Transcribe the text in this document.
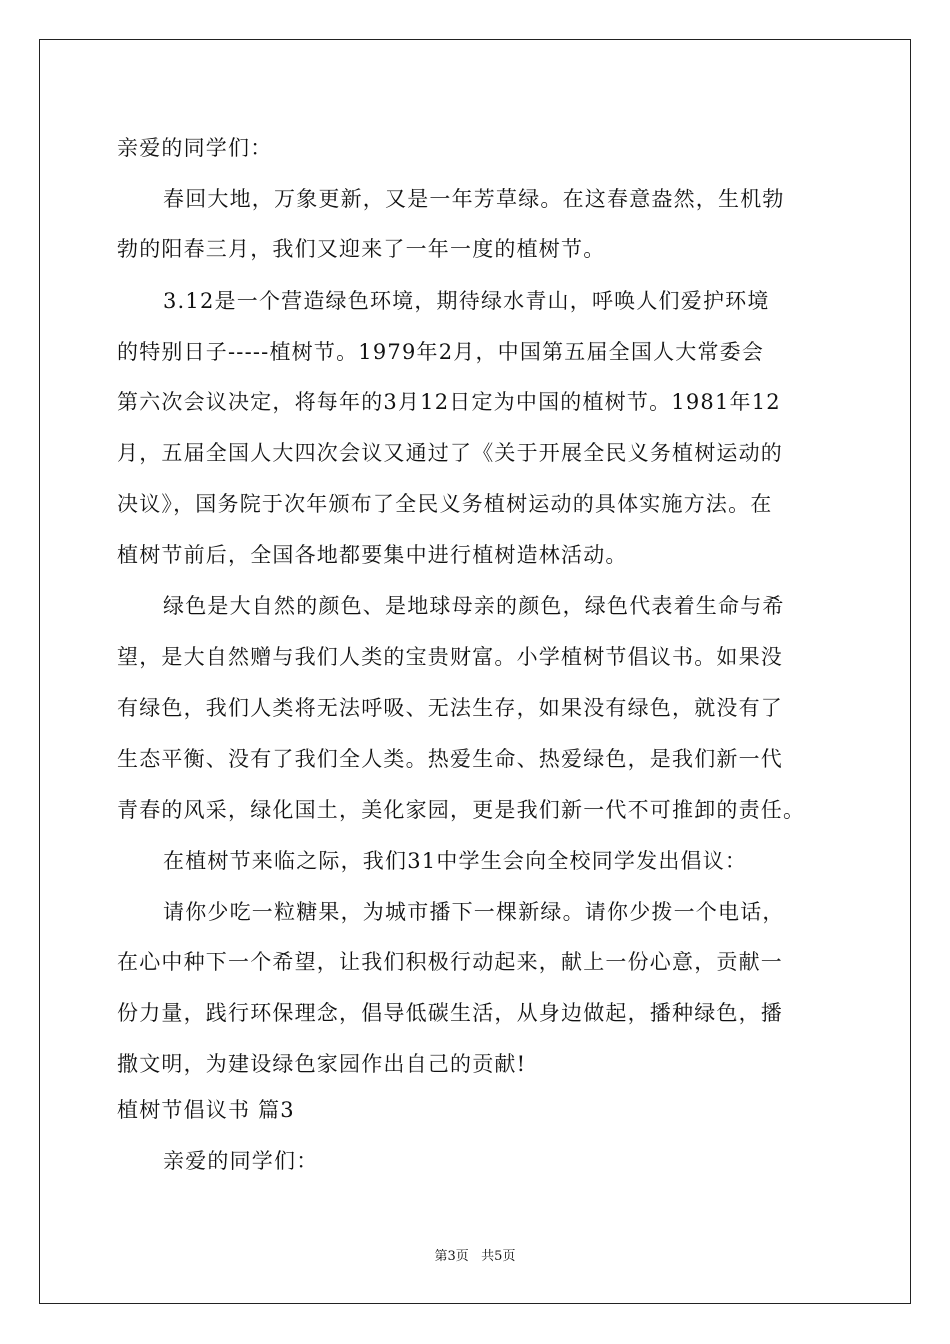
亲爱的同学们：
春回大地，万象更新，又是一年芳草绿。在这春意盎然，生机勃
勃的阳春三月，我们又迎来了一年一度的植树节。
3.12是一个营造绿色环境，期待绿水青山，呼唤人们爱护环境
的特别日子-----植树节。1979年2月，中国第五届全国人大常委会
第六次会议决定，将每年的3月12日定为中国的植树节。1981年12
月，五届全国人大四次会议又通过了《关于开展全民义务植树运动的
决议》，国务院于次年颁布了全民义务植树运动的具体实施方法。在
植树节前后，全国各地都要集中进行植树造林活动。
绿色是大自然的颜色、是地球母亲的颜色，绿色代表着生命与希
望，是大自然赠与我们人类的宝贵财富。小学植树节倡议书。如果没
有绿色，我们人类将无法呼吸、无法生存，如果没有绿色，就没有了
生态平衡、没有了我们全人类。热爱生命、热爱绿色，是我们新一代
青春的风采，绿化国土，美化家园，更是我们新一代不可推卸的责任。
在植树节来临之际，我们31中学生会向全校同学发出倡议：
请你少吃一粒糖果，为城市播下一棵新绿。请你少拨一个电话，
在心中种下一个希望，让我们积极行动起来，献上一份心意，贡献一
份力量，践行环保理念，倡导低碳生活，从身边做起，播种绿色，播
撒文明，为建设绿色家园作出自己的贡献!
植树节倡议书 篇3
亲爱的同学们：
第3页   共5页
